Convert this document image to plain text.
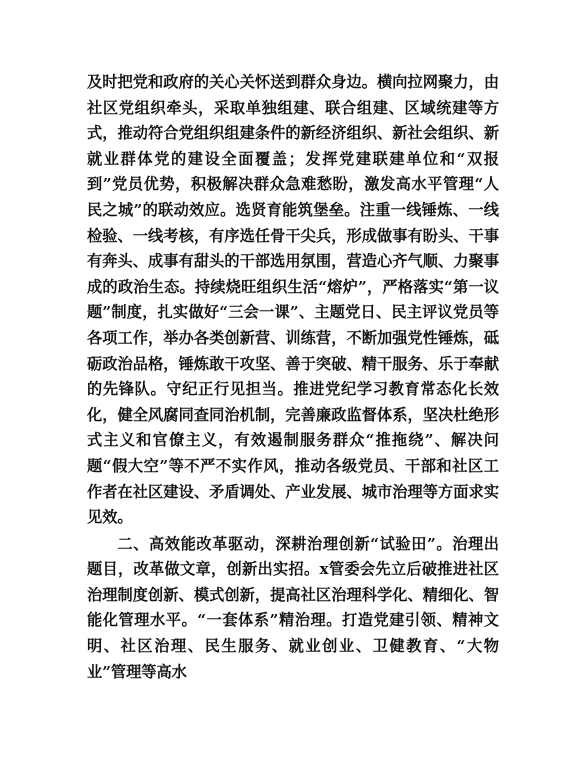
及时把党和政府的关心关怀送到群众身边。横向拉网聚力，由社区党组织牵头，采取单独组建、联合组建、区域统建等方式，推动符合党组织组建条件的新经济组织、新社会组织、新就业群体党的建设全面覆盖；发挥党建联建单位和“双报到”党员优势，积极解决群众急难愁盼，激发高水平管理“人民之城”的联动效应。选贤育能筑堡垒。注重一线锤炼、一线检验、一线考核，有序选任骨干尖兵，形成做事有盼头、干事有奔头、成事有甜头的干部选用氛围，营造心齐气顺、力聚事成的政治生态。持续烧旺组织生活“熔炉”，严格落实“第一议题”制度，扎实做好“三会一课”、主题党日、民主评议党员等各项工作，举办各类创新营、训练营，不断加强党性锤炼，砥砺政治品格，锤炼敢干攻坚、善于突破、精干服务、乐于奉献的先锋队。守纪正行见担当。推进党纪学习教育常态化长效化，健全风腐同查同治机制，完善廉政监督体系，坚决杜绝形式主义和官僚主义，有效遏制服务群众“推拖绕”、解决问题“假大空”等不严不实作风，推动各级党员、干部和社区工作者在社区建设、矛盾调处、产业发展、城市治理等方面求实见效。

二、高效能改革驱动，深耕治理创新“试验田”。治理出题目，改革做文章，创新出实招。x管委会先立后破推进社区治理制度创新、模式创新，提高社区治理科学化、精细化、智能化管理水平。“一套体系”精治理。打造党建引领、精神文明、社区治理、民生服务、就业创业、卫健教育、“大物业”管理等高水
